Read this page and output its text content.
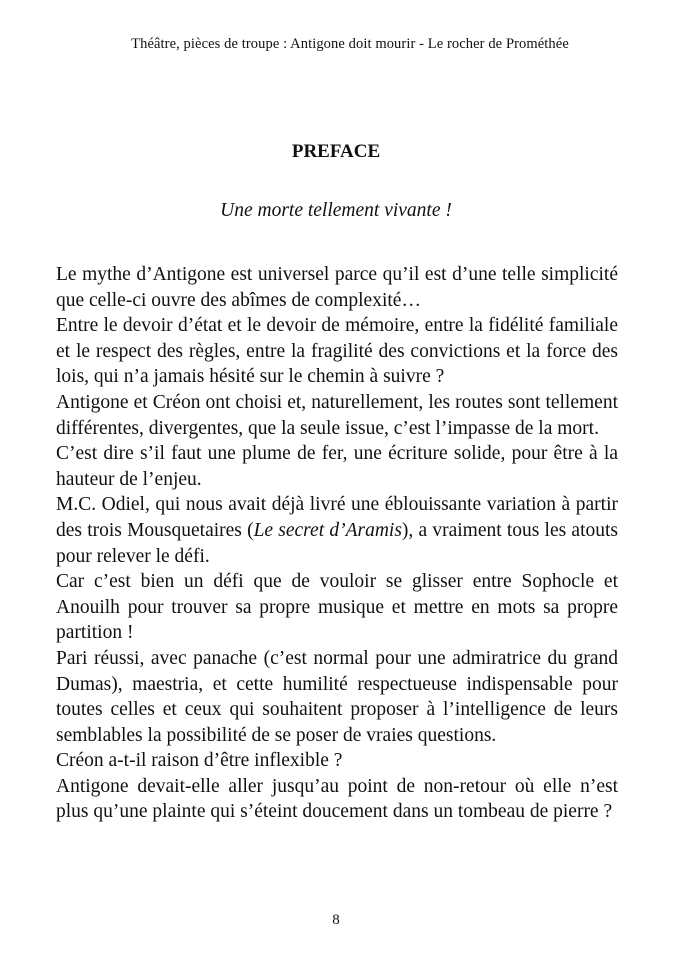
Théâtre, pièces de troupe : Antigone doit mourir - Le rocher de Prométhée
PREFACE
Une morte tellement vivante !

Le mythe d’Antigone est universel parce qu’il est d’une telle simplicité que celle-ci ouvre des abîmes de complexité…

Entre le devoir d’état et le devoir de mémoire, entre la fidélité familiale et le respect des règles, entre la fragilité des convictions et la force des lois, qui n’a jamais hésité sur le chemin à suivre ?

Antigone et Créon ont choisi et, naturellement, les routes sont tellement différentes, divergentes, que la seule issue, c’est l’impasse de la mort.

C’est dire s’il faut une plume de fer, une écriture solide, pour être à la hauteur de l’enjeu.

M.C. Odiel, qui nous avait déjà livré une éblouissante variation à partir des trois Mousquetaires (Le secret d’Aramis), a vraiment tous les atouts pour relever le défi.

Car c’est bien un défi que de vouloir se glisser entre Sophocle et Anouilh pour trouver sa propre musique et mettre en mots sa propre partition !

Pari réussi, avec panache (c’est normal pour une admiratrice du grand Dumas), maestria, et cette humilité respectueuse indispensable pour toutes celles et ceux qui souhaitent proposer à l’intelligence de leurs semblables la possibilité de se poser de vraies questions.

Créon a-t-il raison d’être inflexible ?

Antigone devait-elle aller jusqu’au point de non-retour où elle n’est plus qu’une plainte qui s’éteint doucement dans un tombeau de pierre ?

8
